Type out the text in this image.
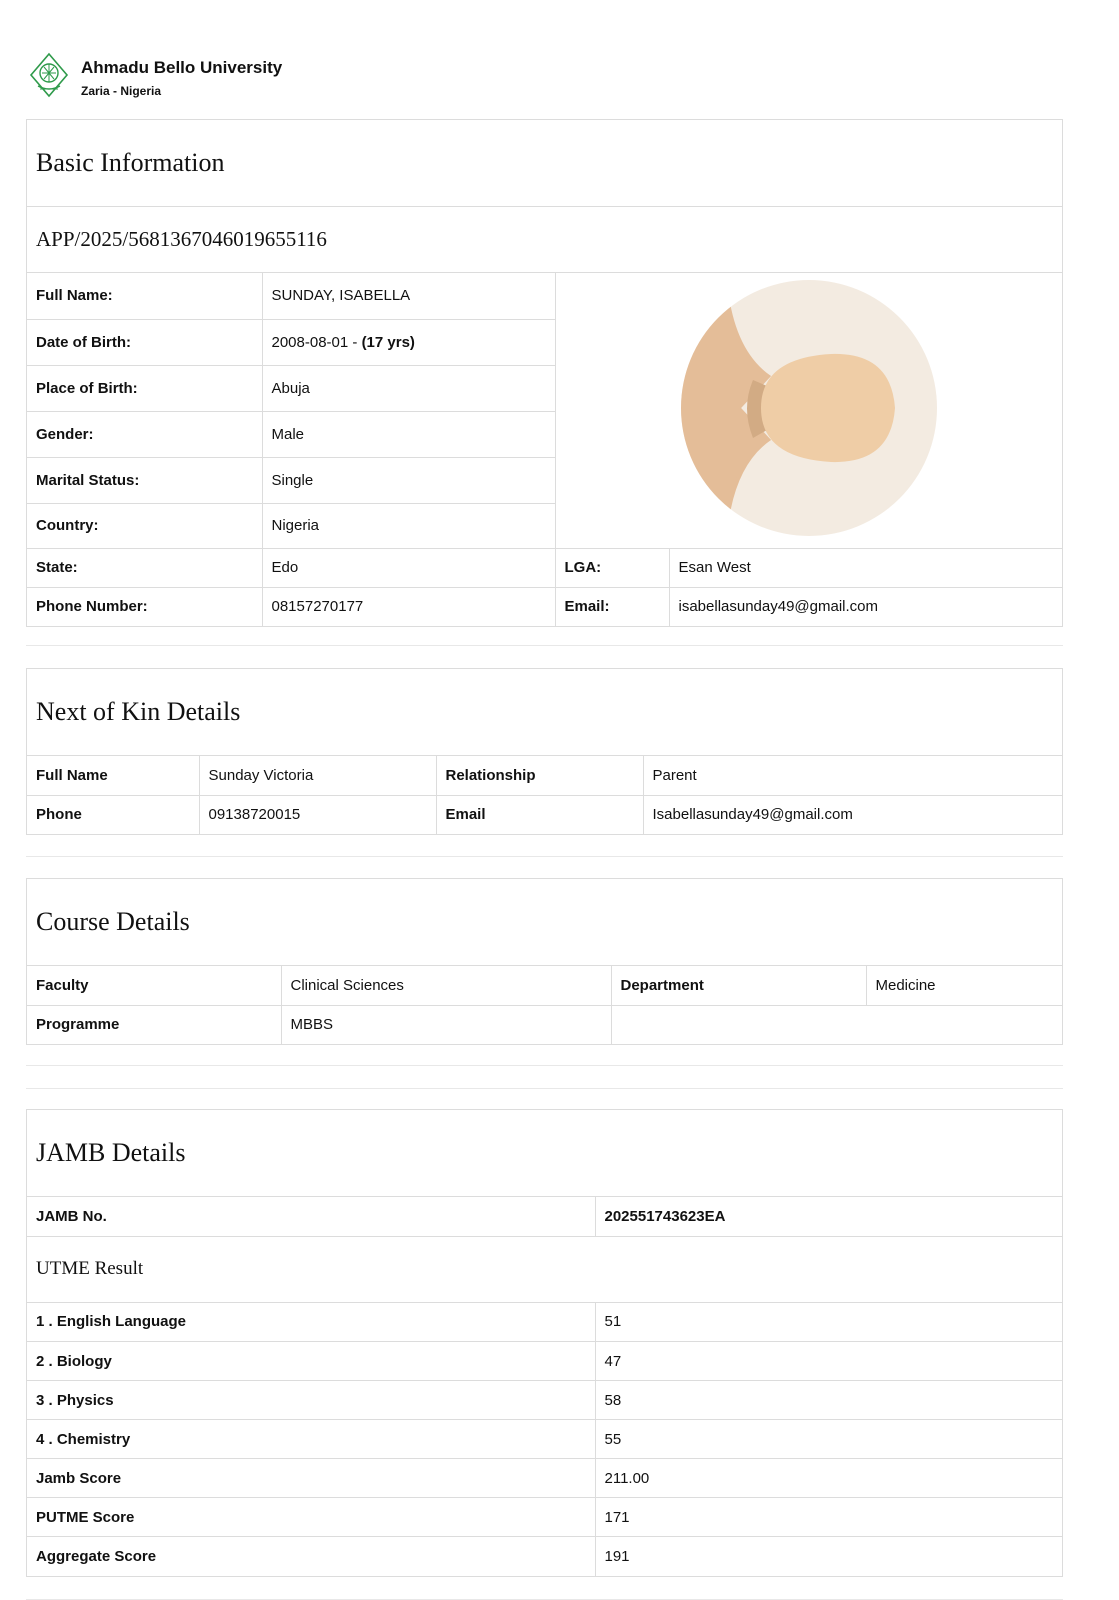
Ahmadu Bello University
Zaria - Nigeria
Basic Information
APP/2025/5681367046019655116
Full Name:	SUNDAY, ISABELLA	
Date of Birth:	2008-08-01 - (17 yrs)		
Place of Birth:	Abuja		
Gender:	Male		
Marital Status:	Single		
Country:	Nigeria		
State:	Edo	LGA:	Esan West
Phone Number:	08157270177	Email:	isabellasunday49@gmail.com
Next of Kin Details
Full Name	Sunday Victoria	Relationship	Parent
Phone	09138720015	Email	Isabellasunday49@gmail.com
Course Details
Faculty	Clinical Sciences	Department	Medicine
Programme	MBBS		
JAMB Details
JAMB No.	202551743623EA
UTME Result
1 . English Language	51
2 . Biology	47
3 . Physics	58
4 . Chemistry	55
Jamb Score	211.00
PUTME Score	171
Aggregate Score	191
